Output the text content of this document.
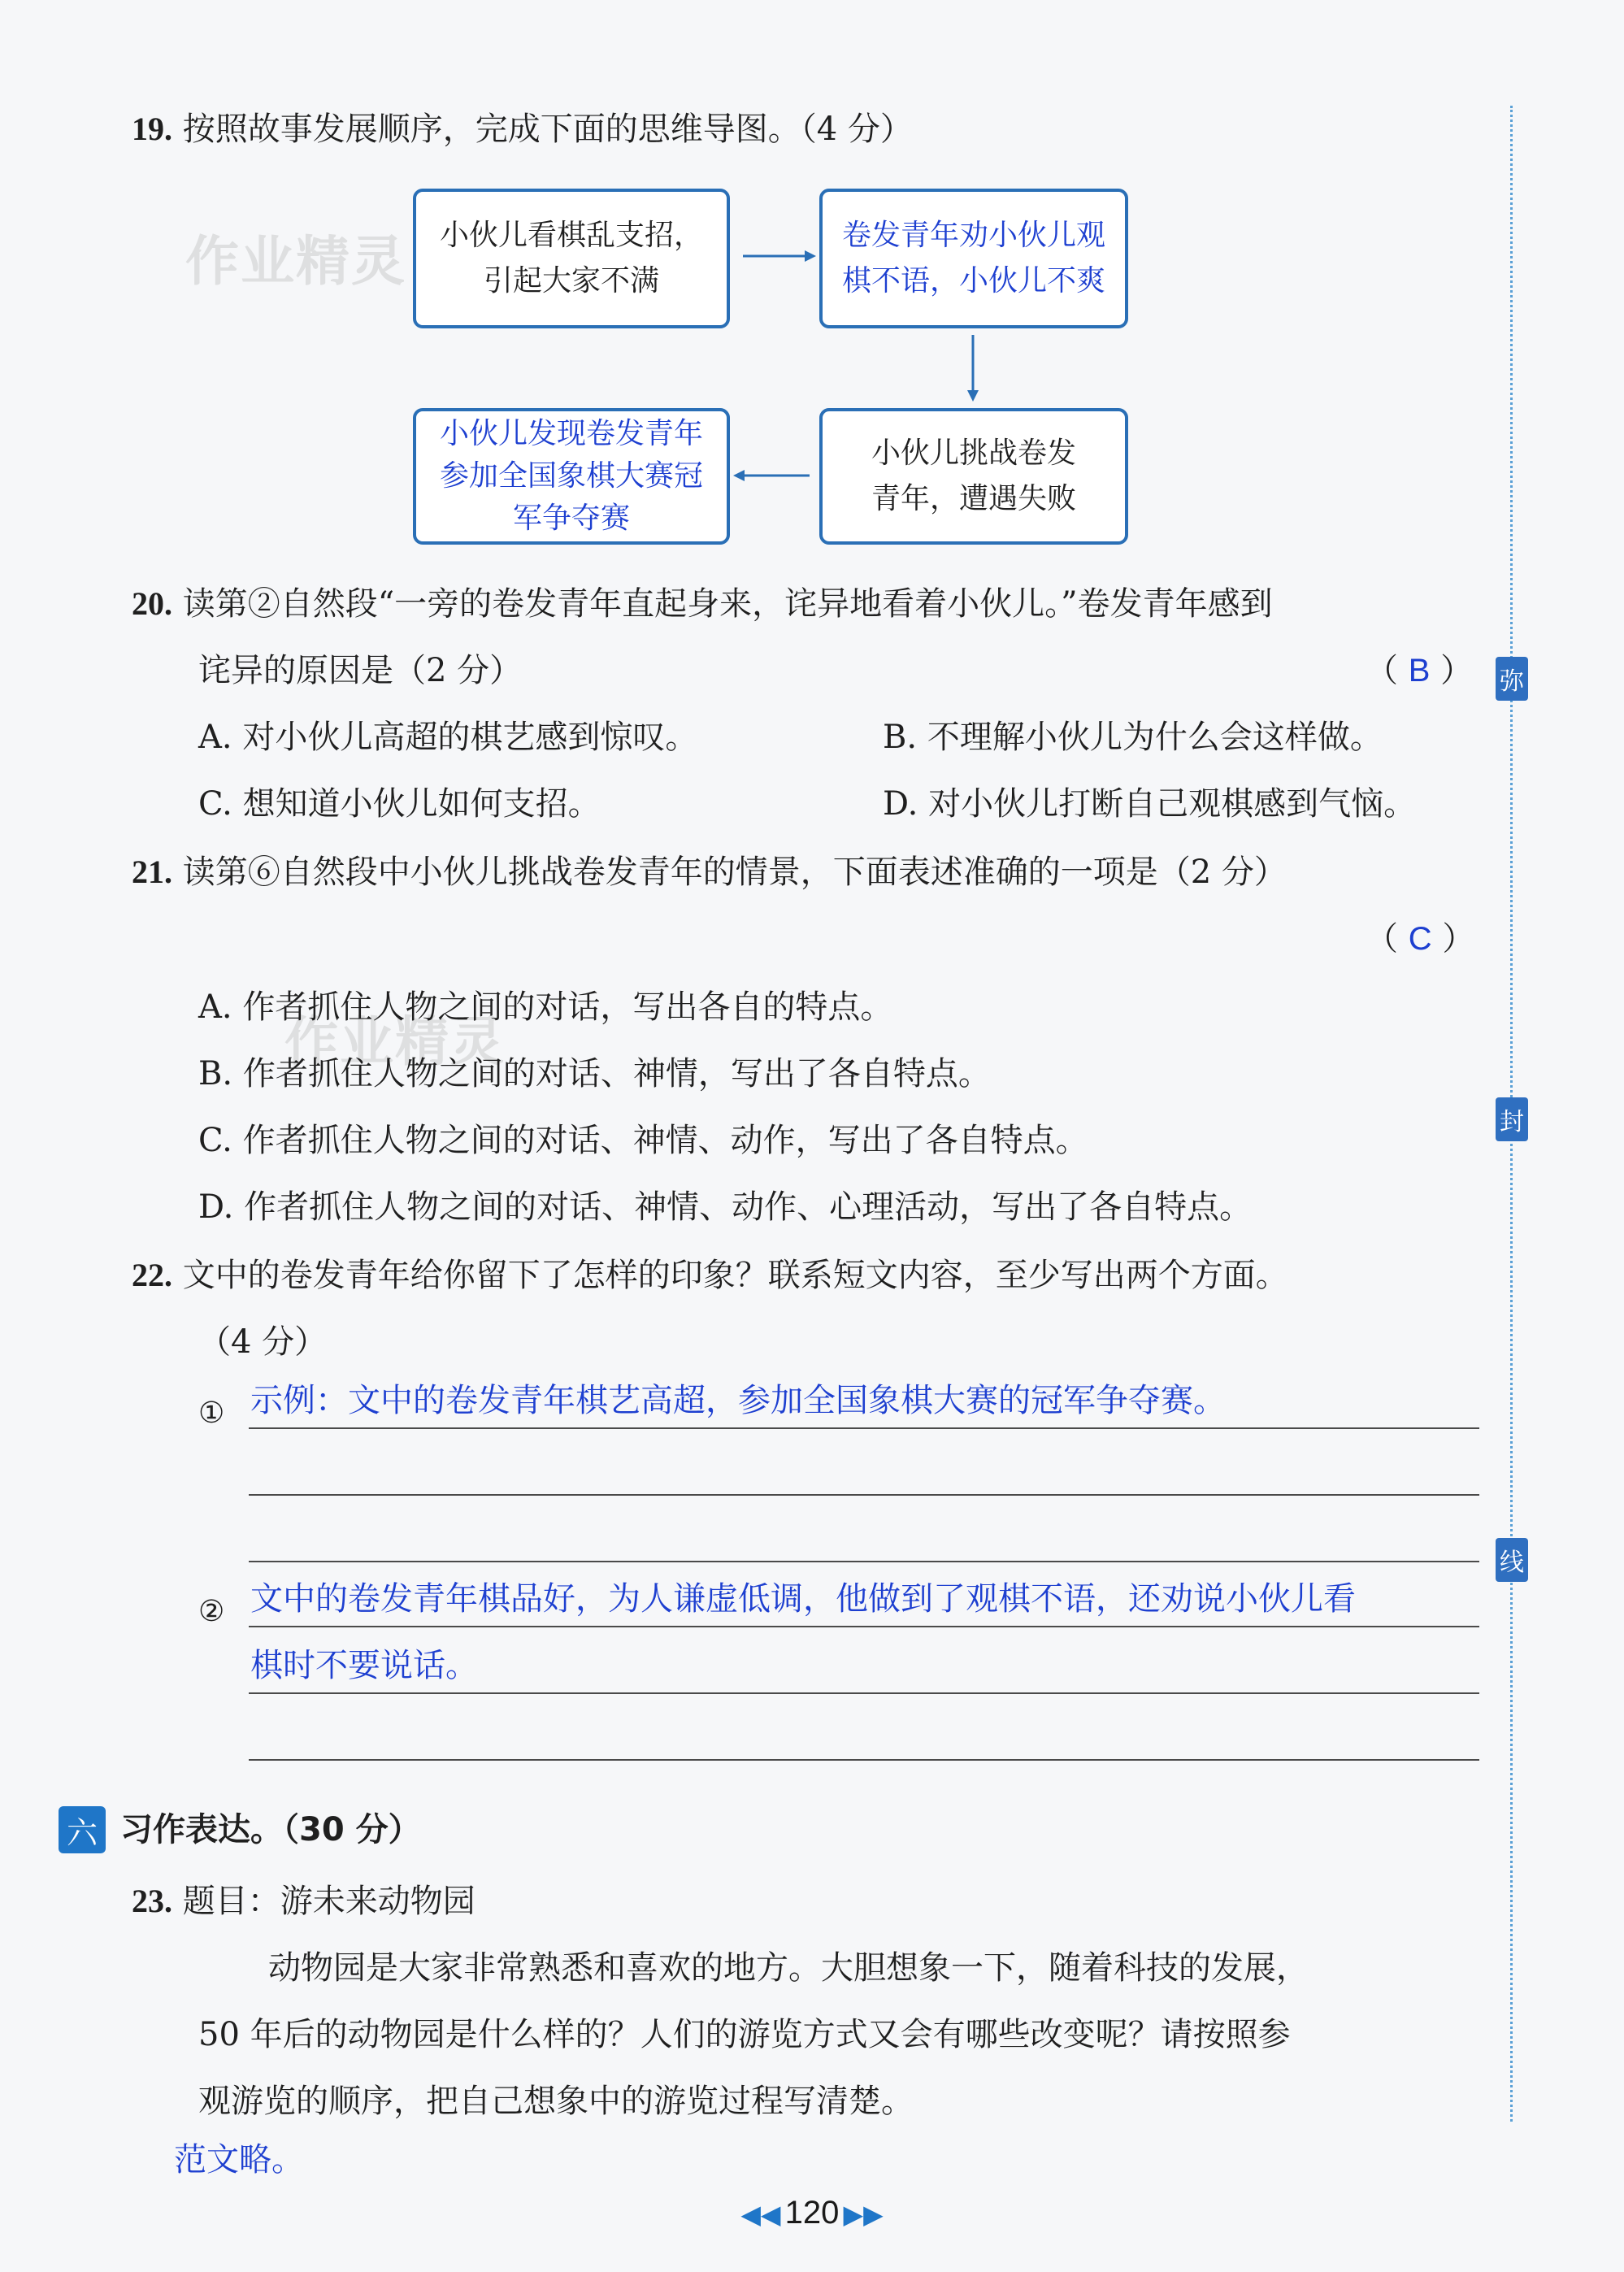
弥
封
线
作业精灵
作业精灵
19. 按照故事发展顺序，完成下面的思维导图。（4 分）
小伙儿看棋乱支招，
引起大家不满
卷发青年劝小伙儿观
棋不语，小伙儿不爽
小伙儿挑战卷发
青年，遭遇失败
小伙儿发现卷发青年
参加全国象棋大赛冠
军争夺赛
20. 读第②自然段“一旁的卷发青年直起身来，诧异地看着小伙儿。”卷发青年感到
诧异的原因是（2 分）	（ B ）
A. 对小伙儿高超的棋艺感到惊叹。	B. 不理解小伙儿为什么会这样做。
C. 想知道小伙儿如何支招。	D. 对小伙儿打断自己观棋感到气恼。
21. 读第⑥自然段中小伙儿挑战卷发青年的情景，下面表述准确的一项是（2 分）
（ C ）
A. 作者抓住人物之间的对话，写出各自的特点。
B. 作者抓住人物之间的对话、神情，写出了各自特点。
C. 作者抓住人物之间的对话、神情、动作，写出了各自特点。
D. 作者抓住人物之间的对话、神情、动作、心理活动，写出了各自特点。
22. 文中的卷发青年给你留下了怎样的印象？联系短文内容，至少写出两个方面。
（4 分）
① 示例：文中的卷发青年棋艺高超，参加全国象棋大赛的冠军争夺赛。
② 文中的卷发青年棋品好，为人谦虚低调，他做到了观棋不语，还劝说小伙儿看
棋时不要说话。
六 习作表达。（30 分）
23. 题目：游未来动物园
动物园是大家非常熟悉和喜欢的地方。大胆想象一下，随着科技的发展，
50 年后的动物园是什么样的？人们的游览方式又会有哪些改变呢？请按照参
观游览的顺序，把自己想象中的游览过程写清楚。
范文略。
◀◀ 120 ▶▶
